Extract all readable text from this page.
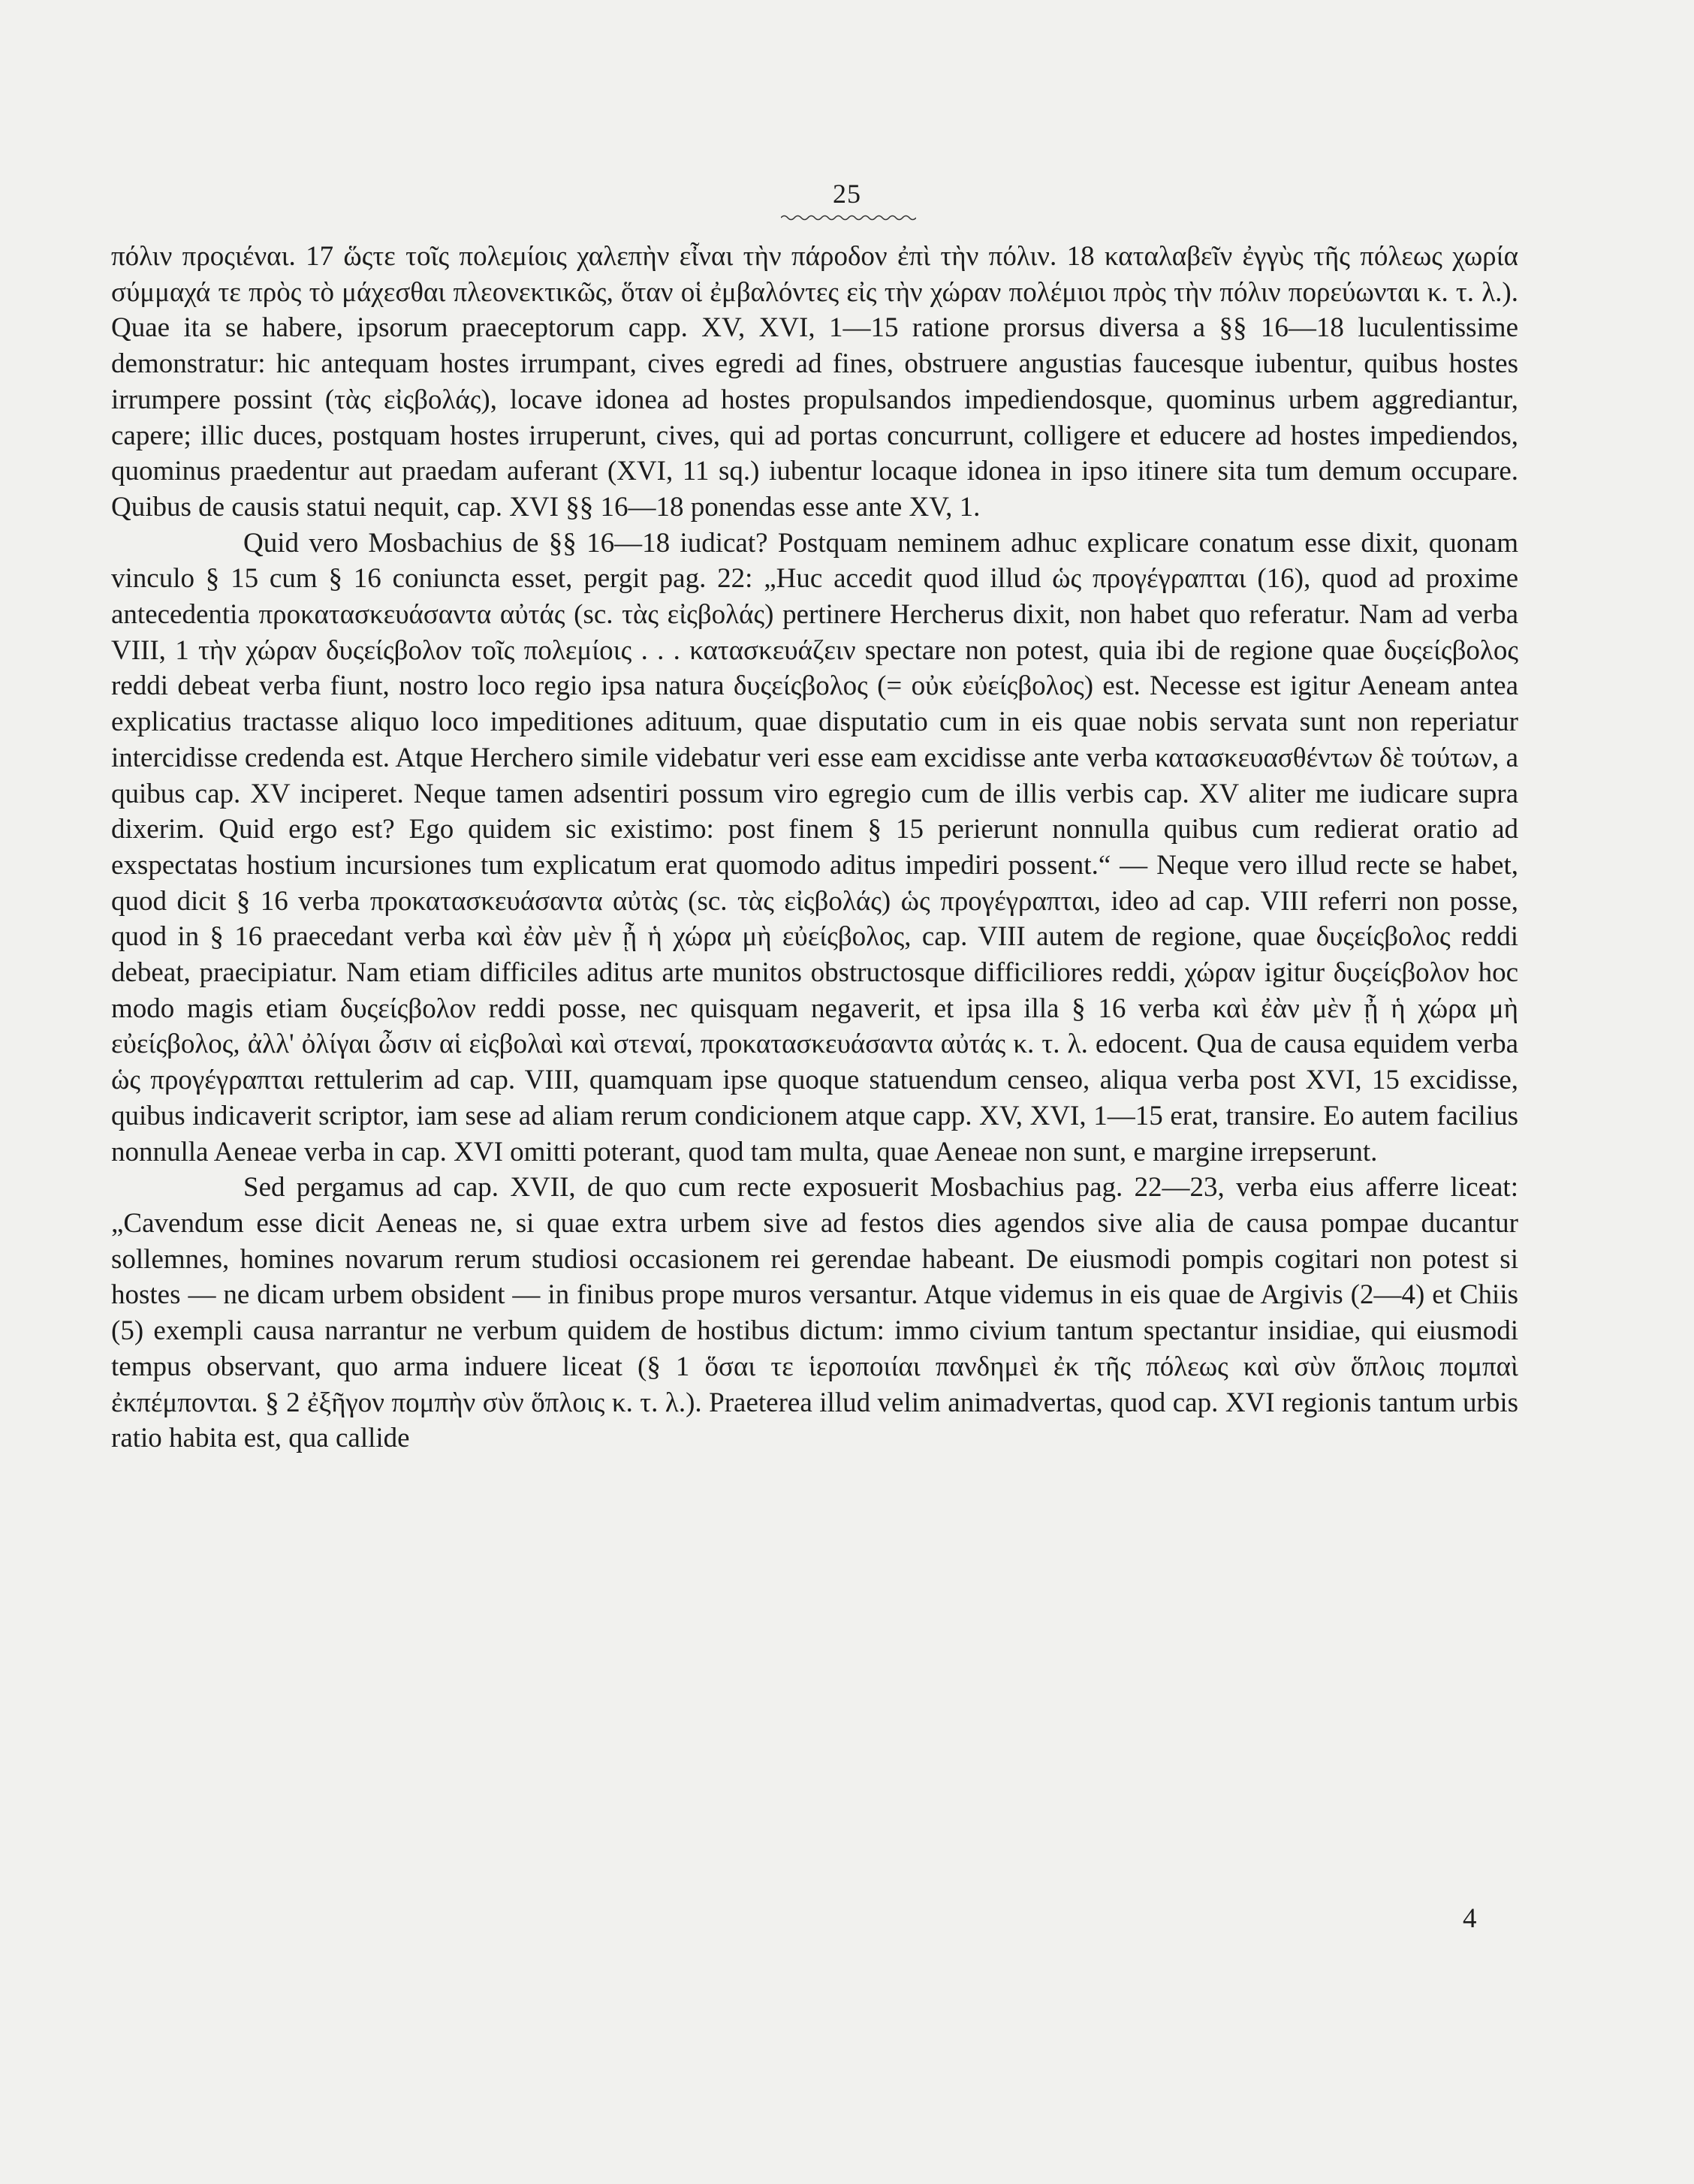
25

πόλιν προςιέναι. 17 ὥςτε τοῖς πολεμίοις χαλεπὴν εἶναι τὴν πάροδον ἐπὶ τὴν πόλιν. 18 καταλαβεῖν ἐγγὺς τῆς πόλεως χωρία σύμμαχά τε πρὸς τὸ μάχεσθαι πλεονεκτικῶς, ὅταν οἱ ἐμβαλόντες εἰς τὴν χώραν πολέμιοι πρὸς τὴν πόλιν πορεύωνται κ. τ. λ.). Quae ita se habere, ipsorum praeceptorum capp. XV, XVI, 1—15 ratione prorsus diversa a §§ 16—18 luculentissime demonstratur: hic antequam hostes irrumpant, cives egredi ad fines, obstruere angustias faucesque iubentur, quibus hostes irrumpere possint (τὰς εἰςβολάς), locave idonea ad hostes propulsandos impediendosque, quominus urbem aggrediantur, capere; illic duces, postquam hostes irruperunt, cives, qui ad portas concurrunt, colligere et educere ad hostes impediendos, quominus praedentur aut praedam auferant (XVI, 11 sq.) iubentur locaque idonea in ipso itinere sita tum demum occupare. Quibus de causis statui nequit, cap. XVI §§ 16—18 ponendas esse ante XV, 1.

Quid vero Mosbachius de §§ 16—18 iudicat? Postquam neminem adhuc explicare conatum esse dixit, quonam vinculo § 15 cum § 16 coniuncta esset, pergit pag. 22: „Huc accedit quod illud ὡς προγέγραπται (16), quod ad proxime antecedentia προκατασκευάσαντα αὐτάς (sc. τὰς εἰςβολάς) pertinere Hercherus dixit, non habet quo referatur. Nam ad verba VIII, 1 τὴν χώραν δυςείςβολον τοῖς πολεμίοις . . . κατασκευάζειν spectare non potest, quia ibi de regione quae δυςείςβολος reddi debeat verba fiunt, nostro loco regio ipsa natura δυςείςβολος (= οὐκ εὐείςβολος) est. Necesse est igitur Aeneam antea explicatius tractasse aliquo loco impeditiones adituum, quae disputatio cum in eis quae nobis servata sunt non reperiatur intercidisse credenda est. Atque Herchero simile videbatur veri esse eam excidisse ante verba κατασκευασθέντων δὲ τούτων, a quibus cap. XV inciperet. Neque tamen adsentiri possum viro egregio cum de illis verbis cap. XV aliter me iudicare supra dixerim. Quid ergo est? Ego quidem sic existimo: post finem § 15 perierunt nonnulla quibus cum redierat oratio ad exspectatas hostium incursiones tum explicatum erat quomodo aditus impediri possent.“ — Neque vero illud recte se habet, quod dicit § 16 verba προκατασκευάσαντα αὐτὰς (sc. τὰς εἰςβολάς) ὡς προγέγραπται, ideo ad cap. VIII referri non posse, quod in § 16 praecedant verba καὶ ἐὰν μὲν ᾖ ἡ χώρα μὴ εὐείςβολος, cap. VIII autem de regione, quae δυςείςβολος reddi debeat, praecipiatur. Nam etiam difficiles aditus arte munitos obstructosque difficiliores reddi, χώραν igitur δυςείςβολον hoc modo magis etiam δυςείςβολον reddi posse, nec quisquam negaverit, et ipsa illa § 16 verba καὶ ἐὰν μὲν ᾖ ἡ χώρα μὴ εὐείςβολος, ἀλλ' ὀλίγαι ὦσιν αἱ εἰςβολαὶ καὶ στεναί, προκατασκευάσαντα αὐτάς κ. τ. λ. edocent. Qua de causa equidem verba ὡς προγέγραπται rettulerim ad cap. VIII, quamquam ipse quoque statuendum censeo, aliqua verba post XVI, 15 excidisse, quibus indicaverit scriptor, iam sese ad aliam rerum condicionem atque capp. XV, XVI, 1—15 erat, transire. Eo autem facilius nonnulla Aeneae verba in cap. XVI omitti poterant, quod tam multa, quae Aeneae non sunt, e margine irrepserunt.

Sed pergamus ad cap. XVII, de quo cum recte exposuerit Mosbachius pag. 22—23, verba eius afferre liceat: „Cavendum esse dicit Aeneas ne, si quae extra urbem sive ad festos dies agendos sive alia de causa pompae ducantur sollemnes, homines novarum rerum studiosi occasionem rei gerendae habeant. De eiusmodi pompis cogitari non potest si hostes — ne dicam urbem obsident — in finibus prope muros versantur. Atque videmus in eis quae de Argivis (2—4) et Chiis (5) exempli causa narrantur ne verbum quidem de hostibus dictum: immo civium tantum spectantur insidiae, qui eiusmodi tempus observant, quo arma induere liceat (§ 1 ὅσαι τε ἱεροποιίαι πανδημεὶ ἐκ τῆς πόλεως καὶ σὺν ὅπλοις πομπαὶ ἐκπέμπονται. § 2 ἐξῆγον πομπὴν σὺν ὅπλοις κ. τ. λ.). Praeterea illud velim animadvertas, quod cap. XVI regionis tantum urbis ratio habita est, qua callide

4
